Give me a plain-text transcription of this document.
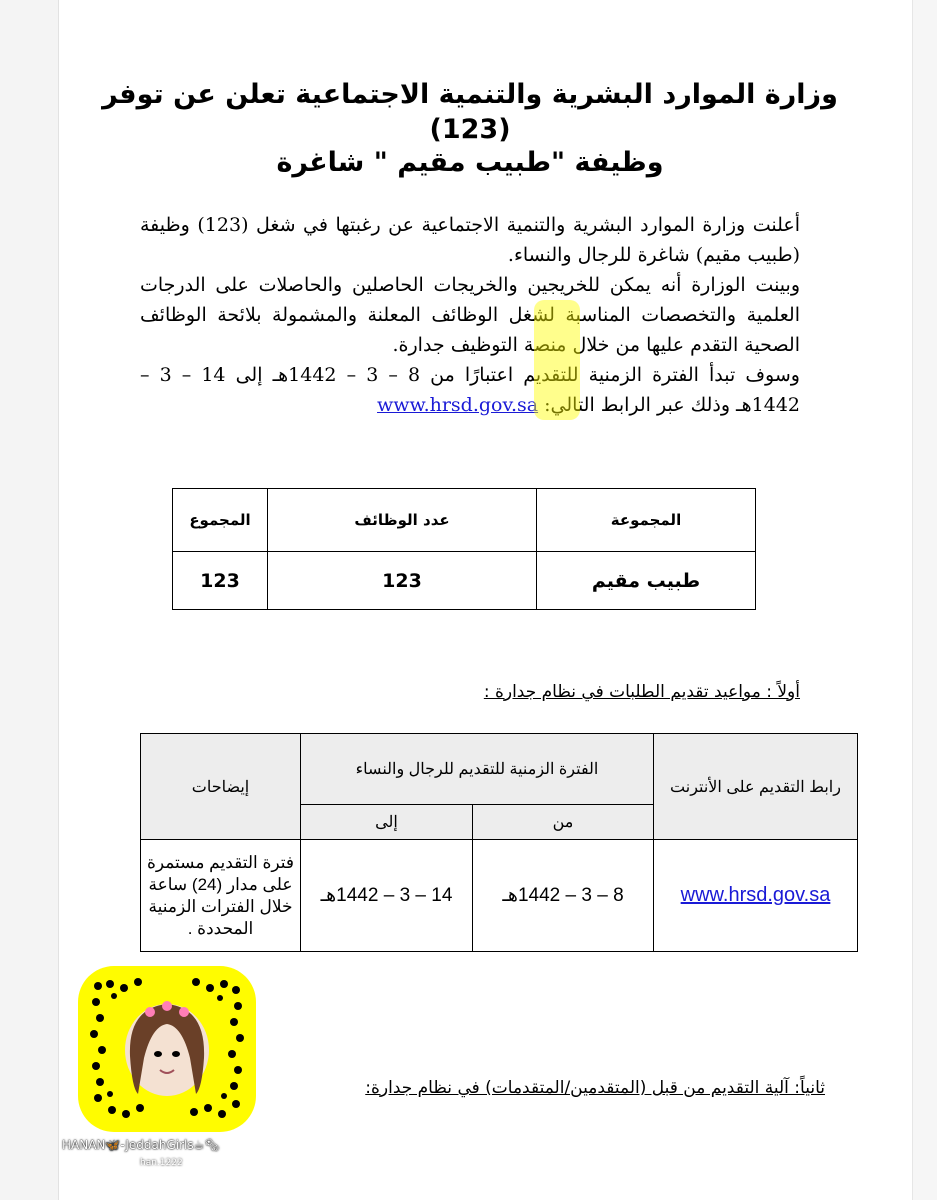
وزارة الموارد البشرية والتنمية الاجتماعية تعلن عن توفر
(123)
وظيفة "طبيب مقيم " شاغرة

أعلنت وزارة الموارد البشرية والتنمية الاجتماعية عن رغبتها في شغل (123) وظيفة (طبيب مقيم) شاغرة للرجال والنساء.

وبينت الوزارة أنه يمكن للخريجين والخريجات الحاصلين والحاصلات على الدرجات العلمية والتخصصات المناسبة لشغل الوظائف المعلنة والمشمولة بلائحة الوظائف الصحية التقدم عليها من خلال منصة التوظيف جدارة.

وسوف تبدأ الفترة الزمنية للتقديم اعتبارًا من 8 – 3 – 1442هـ إلى 14 – 3 – 1442هـ وذلك عبر الرابط التالي: www.hrsd.gov.sa

المجموعة	عدد الوظائف	المجموع
طبيب مقيم	123	123
أولاً : مواعيد تقديم الطلبات في نظام جدارة :
رابط التقديم على الأنترنت	الفترة الزمنية للتقديم للرجال والنساء		إيضاحات
	من	إلى	
www.hrsd.gov.sa	8 – 3 – 1442هـ	14 – 3 – 1442هـ	فترة التقديم مستمرة على مدار (24) ساعة خلال الفترات الزمنية المحددة .
HANAN🦋-JeddahGirls☕🗞
han.1222
ثانياً: آلية التقديم من قبل (المتقدمين/المتقدمات) في نظام جدارة:
